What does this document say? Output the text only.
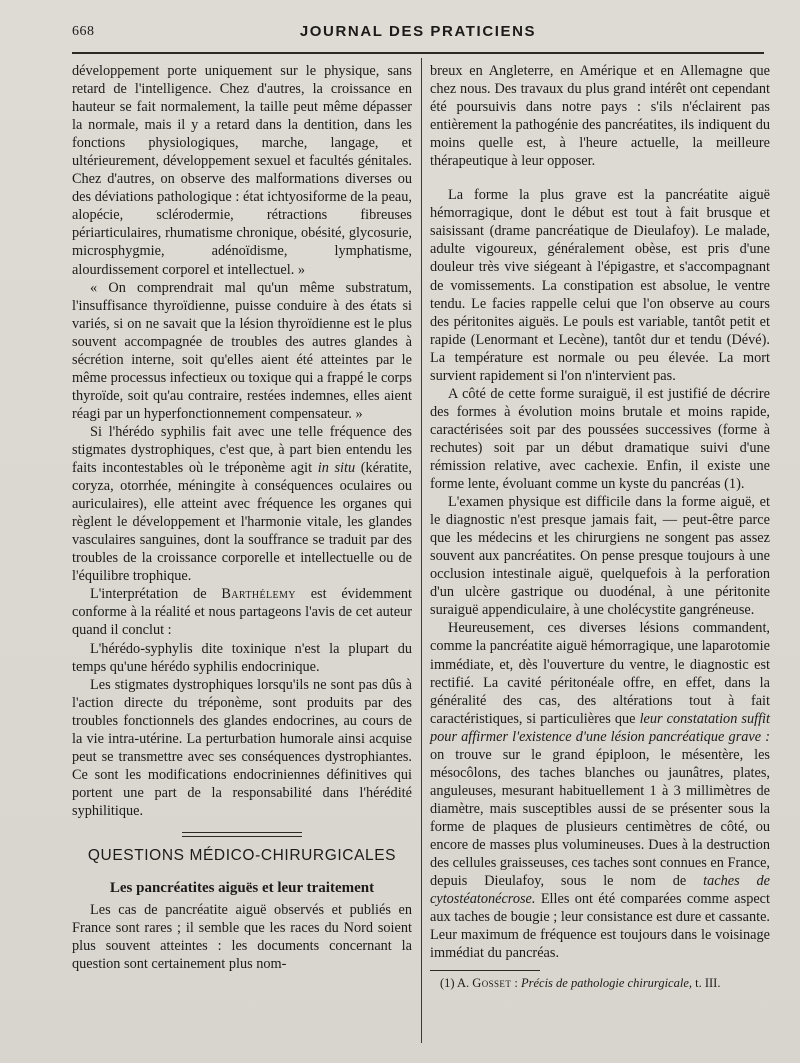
668	JOURNAL DES PRATICIENS

développement porte uniquement sur le physique, sans retard de l'intelligence. Chez d'autres, la croissance en hauteur se fait normalement, la taille peut même dépasser la normale, mais il y a retard dans la dentition, dans les fonctions physiologiques, marche, langage, et ultérieurement, développement sexuel et facultés génitales. Chez d'autres, on observe des malformations diverses ou des déviations pathologique : état ichtyosiforme de la peau, alopécie, sclérodermie, rétractions fibreuses périarticulaires, rhumatisme chronique, obésité, glycosurie, microsphygmie, adénoïdisme, lymphatisme, alourdissement corporel et intellectuel. »

« On comprendrait mal qu'un même substratum, l'insuffisance thyroïdienne, puisse conduire à des états si variés, si on ne savait que la lésion thyroïdienne est le plus souvent accompagnée de troubles des autres glandes à sécrétion interne, soit qu'elles aient été atteintes par le même processus infectieux ou toxique qui a frappé le corps thyroïde, soit qu'au contraire, restées indemnes, elles aient réagi par un hyperfonctionnement compensateur. »

Si l'hérédo syphilis fait avec une telle fréquence des stigmates dystrophiques, c'est que, à part bien entendu les faits incontestables où le tréponème agit in situ (kératite, coryza, otorrhée, méningite à conséquences oculaires ou auriculaires), elle atteint avec fréquence les organes qui règlent le développement et l'harmonie vitale, les glandes vasculaires sanguines, dont la souffrance se traduit par des troubles de la croissance corporelle et intellectuelle ou de l'équilibre trophique.

L'interprétation de Barthélemy est évidemment conforme à la réalité et nous partageons l'avis de cet auteur quand il conclut :

L'hérédo-syphylis dite toxinique n'est la plupart du temps qu'une hérédo syphilis endocrinique.

Les stigmates dystrophiques lorsqu'ils ne sont pas dûs à l'action directe du tréponème, sont produits par des troubles fonctionnels des glandes endocrines, au cours de la vie intra-utérine. La perturbation humorale ainsi acquise peut se transmettre avec ses conséquences dystrophiantes. Ce sont les modifications endocriniennes définitives qui portent une part de la responsabilité dans l'hérédité syphilitique.

QUESTIONS MÉDICO-CHIRURGICALES
Les pancréatites aiguës et leur traitement

Les cas de pancréatite aiguë observés et publiés en France sont rares ; il semble que les races du Nord soient plus souvent atteintes : les documents concernant la question sont certainement plus nom-

breux en Angleterre, en Amérique et en Allemagne que chez nous. Des travaux du plus grand intérêt ont cependant été poursuivis dans notre pays : s'ils n'éclairent pas entièrement la pathogénie des pancréatites, ils indiquent du moins quelle est, à l'heure actuelle, la meilleure thérapeutique à leur opposer.

La forme la plus grave est la pancréatite aiguë hémorragique, dont le début est tout à fait brusque et saisissant (drame pancréatique de Dieulafoy). Le malade, adulte vigoureux, généralement obèse, est pris d'une douleur très vive siégeant à l'épigastre, et s'accompagnant de vomissements. La constipation est absolue, le ventre tendu. Le facies rappelle celui que l'on observe au cours des péritonites aiguës. Le pouls est variable, tantôt petit et rapide (Lenormant et Lecène), tantôt dur et tendu (Dévé). La température est normale ou peu élevée. La mort survient rapidement si l'on n'intervient pas.

A côté de cette forme suraiguë, il est justifié de décrire des formes à évolution moins brutale et moins rapide, caractérisées soit par des poussées successives (forme à rechutes) soit par un début dramatique suivi d'une rémission relative, avec cachexie. Enfin, il existe une forme lente, évoluant comme un kyste du pancréas (1).

L'examen physique est difficile dans la forme aiguë, et le diagnostic n'est presque jamais fait, — peut-être parce que les médecins et les chirurgiens ne songent pas assez souvent aux pancréatites. On pense presque toujours à une occlusion intestinale aiguë, quelquefois à la perforation d'un ulcère gastrique ou duodénal, à une péritonite suraiguë appendiculaire, à une cholécystite gangréneuse.

Heureusement, ces diverses lésions commandent, comme la pancréatite aiguë hémorragique, une laparotomie immédiate, et, dès l'ouverture du ventre, le diagnostic est rectifié. La cavité péritonéale offre, en effet, dans la généralité des cas, des altérations tout à fait caractéristiques, si particulières que leur constatation suffit pour affirmer l'existence d'une lésion pancréatique grave : on trouve sur le grand épiploon, le mésentère, les mésocôlons, des taches blanches ou jaunâtres, plates, anguleuses, mesurant habituellement 1 à 3 millimètres de diamètre, mais susceptibles aussi de se présenter sous la forme de plaques de plusieurs centimètres de côté, ou encore de masses plus volumineuses. Dues à la destruction des cellules graisseuses, ces taches sont connues en France, depuis Dieulafoy, sous le nom de taches de cytostéatonécrose. Elles ont été comparées comme aspect aux taches de bougie ; leur consistance est dure et cassante. Leur maximum de fréquence est toujours dans le voisinage immédiat du pancréas.

(1) A. Gosset : Précis de pathologie chirurgicale, t. III.
